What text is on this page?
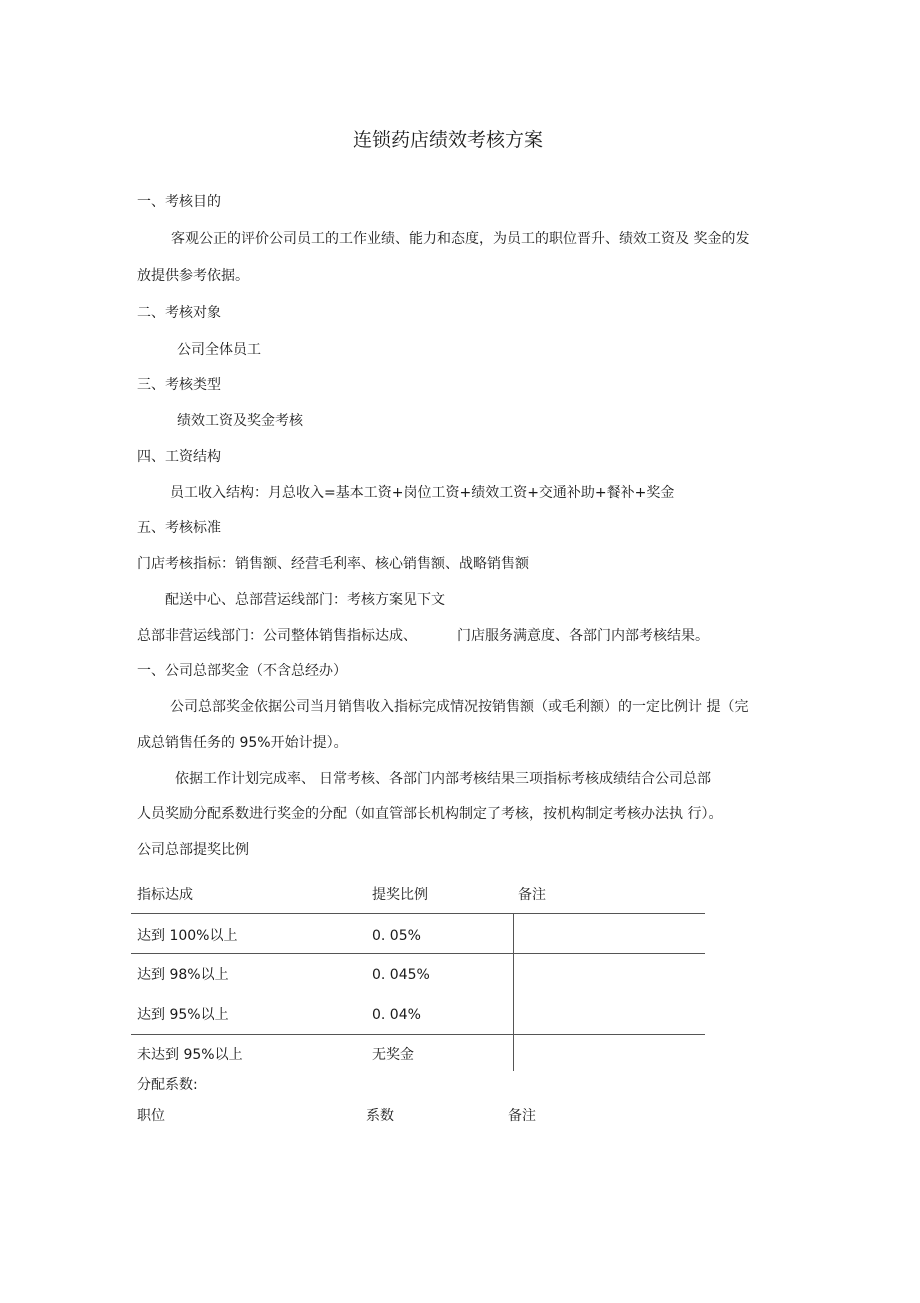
连锁药店绩效考核方案
一、考核目的
客观公正的评价公司员工的工作业绩、能力和态度，为员工的职位晋升、绩效工资及 奖金的发
放提供参考依据。
二、考核对象
公司全体员工
三、考核类型
绩效工资及奖金考核
四、工资结构
员工收入结构：月总收入=基本工资+岗位工资+绩效工资+交通补助+餐补+奖金
五、考核标准
门店考核指标：销售额、经营毛利率、核心销售额、战略销售额
配送中心、总部营运线部门：考核方案见下文
总部非营运线部门：公司整体销售指标达成、	门店服务满意度、各部门内部考核结果。
一、公司总部奖金（不含总经办）
公司总部奖金依据公司当月销售收入指标完成情况按销售额（或毛利额）的一定比例计 提（完
成总销售任务的 95%开始计提）。
依据工作计划完成率、 日常考核、各部门内部考核结果三项指标考核成绩结合公司总部
人员奖励分配系数进行奖金的分配（如直管部长机构制定了考核，按机构制定考核办法执 行）。
公司总部提奖比例
指标达成	提奖比例	备注
达到 100%以上	0. 05%
达到 98%以上	0. 045%
达到 95%以上	0. 04%
未达到 95%以上	无奖金
分配系数:
职位	系数	备注
